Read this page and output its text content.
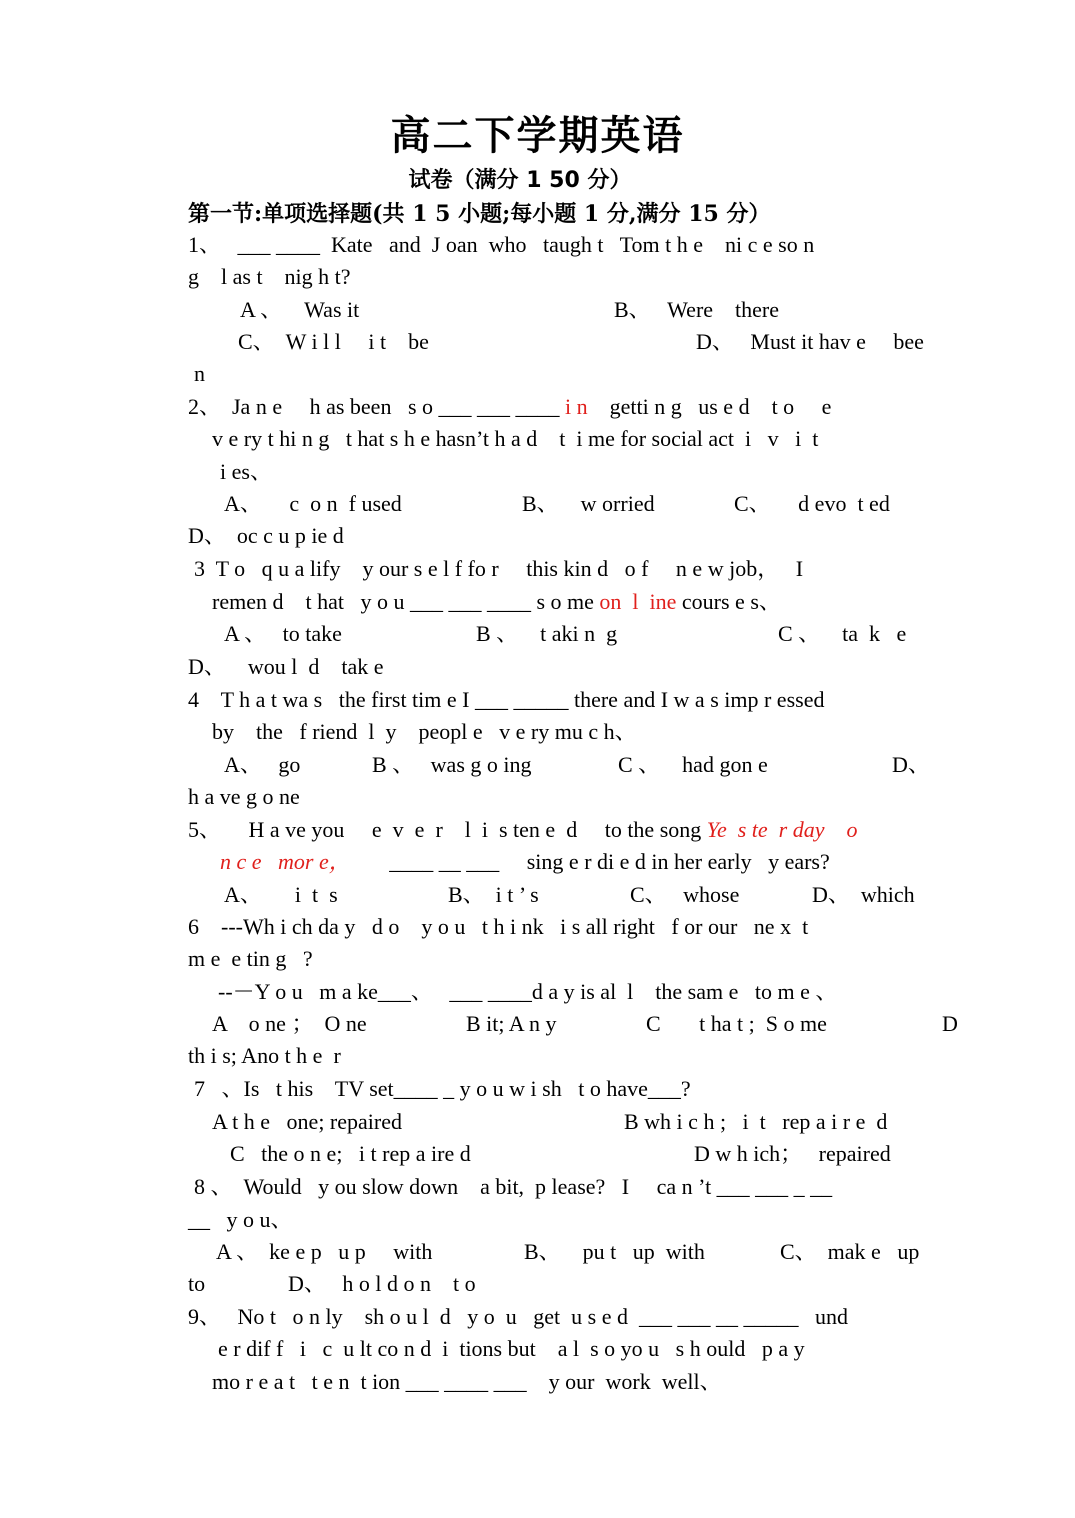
高二下学期英语
试卷（满分 1 50 分）
第一节:单项选择题(共 1 5 小题;每小题 1 分,满分 15 分）
1、   ___ ____  Kate   and  J oan  who   taugh t   Tom t h e    ni c e so n
g    l as t    nig h t?
A 、    Was it	B、   Were    there
C、  W i l l     i t    be	D、   Must it hav e     bee
n
2、  Ja n e     h as been   s o ___ ___ ____ i n    getti n g   us e d    t o     e
v e ry t hi n g   t hat s h e hasn’t h a d    t  i me for social act  i   v   i  t
i es、
A、     c  o n  f used	B、    w orried	C、     d evo  t ed
D、  oc c u p ie d
3  T o   q u a lify    y our s e l f fo r     this kin d   o f     n e w job，   I
remen d    t hat   y o u ___ ___ ____ s o me on  l  ine cours e s、
A 、   to take	B 、    t aki n  g	C 、    ta  k   e
D、    wou l  d    tak e
4    T h a t wa s   the first tim e I ___ _____ there and I w a s imp r essed
by    the   f riend  l  y    peopl e   v e ry mu c h、
A、   go	B 、   was g o ing	C 、    had gon e	D、
h a ve g o ne
5、     H a ve you     e  v  e  r    l  i  s ten e  d     to the song Ye  s te  r day    o
n c e   mor e，       ____ __ ___     sing e r di e d in her early   y ears?
A、      i  t  s	B、  i t ’ s	C、   whose	D、  which
6    ---Wh i ch da y   d o    y o u   t h i nk   i s all right   f or our   ne x  t
m e  e tin g   ?
--－Y o u   m a ke___、   ___ ____d a y is al  l    the sam e   to m e 、
A    o ne ；  O ne	B it; A n y	C       t ha t ;  S o me	D
th i s; Ano t h e  r
7   、Is   t his    TV set____ _ y o u w i sh   t o have___?
A t h e   one; repaired	B wh i c h ;   i  t   rep a i r e  d
C   the o n e;   i t rep a ire d	D w h ich；   repaired
8 、  Would   y ou slow down    a bit,  p lease?   I     ca n ’t ___ ___ _ __
__   y o u、
A 、  ke e p   u p     with	B、    pu t   up  with	C、  mak e   up
to	D、   h o l d o n    t o
9、   No t   o n ly    sh o u l  d   y o  u   get  u s e d  ___ ___ __ _____   und
e r dif f   i   c  u lt co n d  i  tions but    a l  s o yo u   s h ould   p a y
mo r e a t   t e n  t ion ___ ____ ___    y our  work  well、
